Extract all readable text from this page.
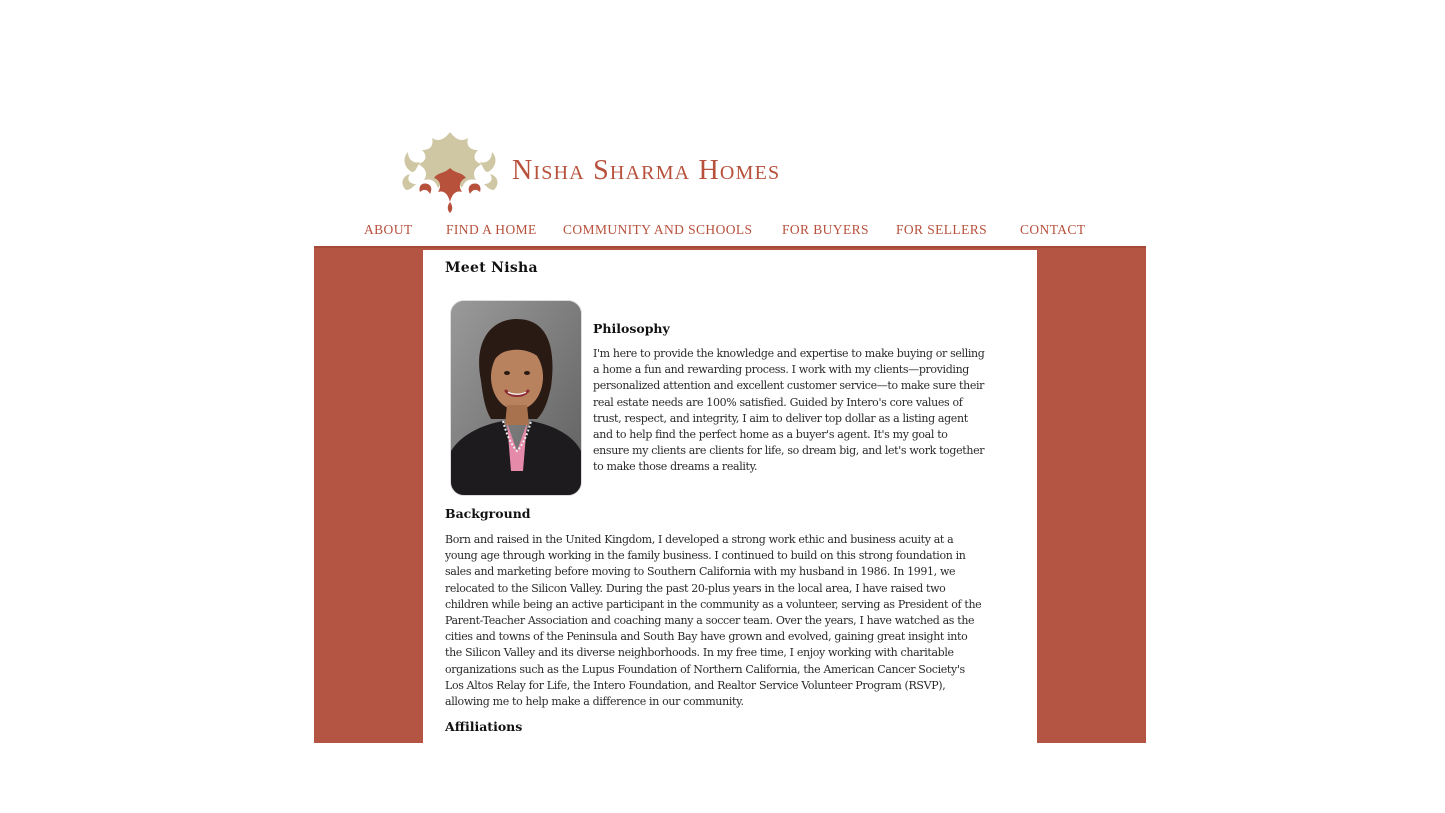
Nisha Sharma Homes
ABOUT FIND A HOME COMMUNITY AND SCHOOLS FOR BUYERS FOR SELLERS CONTACT
Meet Nisha
Philosophy

I'm here to provide the knowledge and expertise to make buying or selling a home a fun and rewarding process. I work with my clients—providing personalized attention and excellent customer service—to make sure their real estate needs are 100% satisfied. Guided by Intero's core values of trust, respect, and integrity, I aim to deliver top dollar as a listing agent and to help find the perfect home as a buyer's agent. It's my goal to ensure my clients are clients for life, so dream big, and let's work together to make those dreams a reality.

Background

Born and raised in the United Kingdom, I developed a strong work ethic and business acuity at a young age through working in the family business. I continued to build on this strong foundation in sales and marketing before moving to Southern California with my husband in 1986. In 1991, we relocated to the Silicon Valley. During the past 20-plus years in the local area, I have raised two children while being an active participant in the community as a volunteer, serving as President of the Parent-Teacher Association and coaching many a soccer team. Over the years, I have watched as the cities and towns of the Peninsula and South Bay have grown and evolved, gaining great insight into the Silicon Valley and its diverse neighborhoods. In my free time, I enjoy working with charitable organizations such as the Lupus Foundation of Northern California, the American Cancer Society's Los Altos Relay for Life, the Intero Foundation, and Realtor Service Volunteer Program (RSVP), allowing me to help make a difference in our community.

Affiliations
